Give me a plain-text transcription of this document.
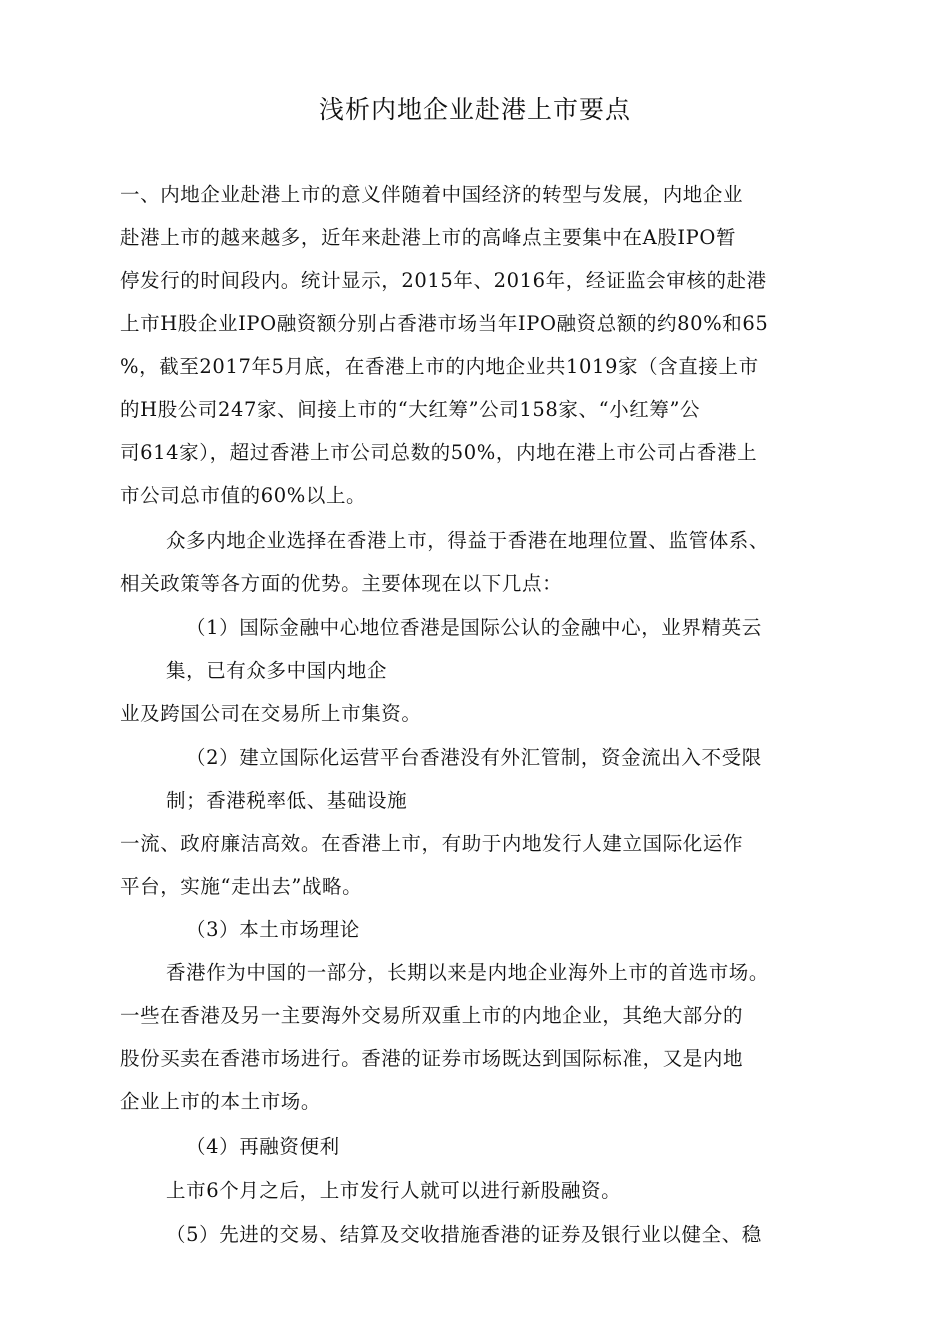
浅析内地企业赴港上市要点
一、内地企业赴港上市的意义伴随着中国经济的转型与发展，内地企业
赴港上市的越来越多，近年来赴港上市的高峰点主要集中在A股IPO暂
停发行的时间段内。统计显示，2015年、2016年，经证监会审核的赴港
上市H股企业IPO融资额分别占香港市场当年IPO融资总额的约80%和65
%，截至2017年5月底，在香港上市的内地企业共1019家（含直接上市
的H股公司247家、间接上市的“大红筹”公司158家、“小红筹”公
司614家），超过香港上市公司总数的50%，内地在港上市公司占香港上
市公司总市值的60%以上。
众多内地企业选择在香港上市，得益于香港在地理位置、监管体系、
相关政策等各方面的优势。主要体现在以下几点：
（1）国际金融中心地位香港是国际公认的金融中心，业界精英云
集，已有众多中国内地企
业及跨国公司在交易所上市集资。
（2）建立国际化运营平台香港没有外汇管制，资金流出入不受限
制；香港税率低、基础设施
一流、政府廉洁高效。在香港上市，有助于内地发行人建立国际化运作
平台，实施“走出去”战略。
（3）本土市场理论
香港作为中国的一部分，长期以来是内地企业海外上市的首选市场。
一些在香港及另一主要海外交易所双重上市的内地企业，其绝大部分的
股份买卖在香港市场进行。香港的证券市场既达到国际标准，又是内地
企业上市的本土市场。
（4）再融资便利
上市6个月之后，上市发行人就可以进行新股融资。
（5）先进的交易、结算及交收措施香港的证券及银行业以健全、稳
